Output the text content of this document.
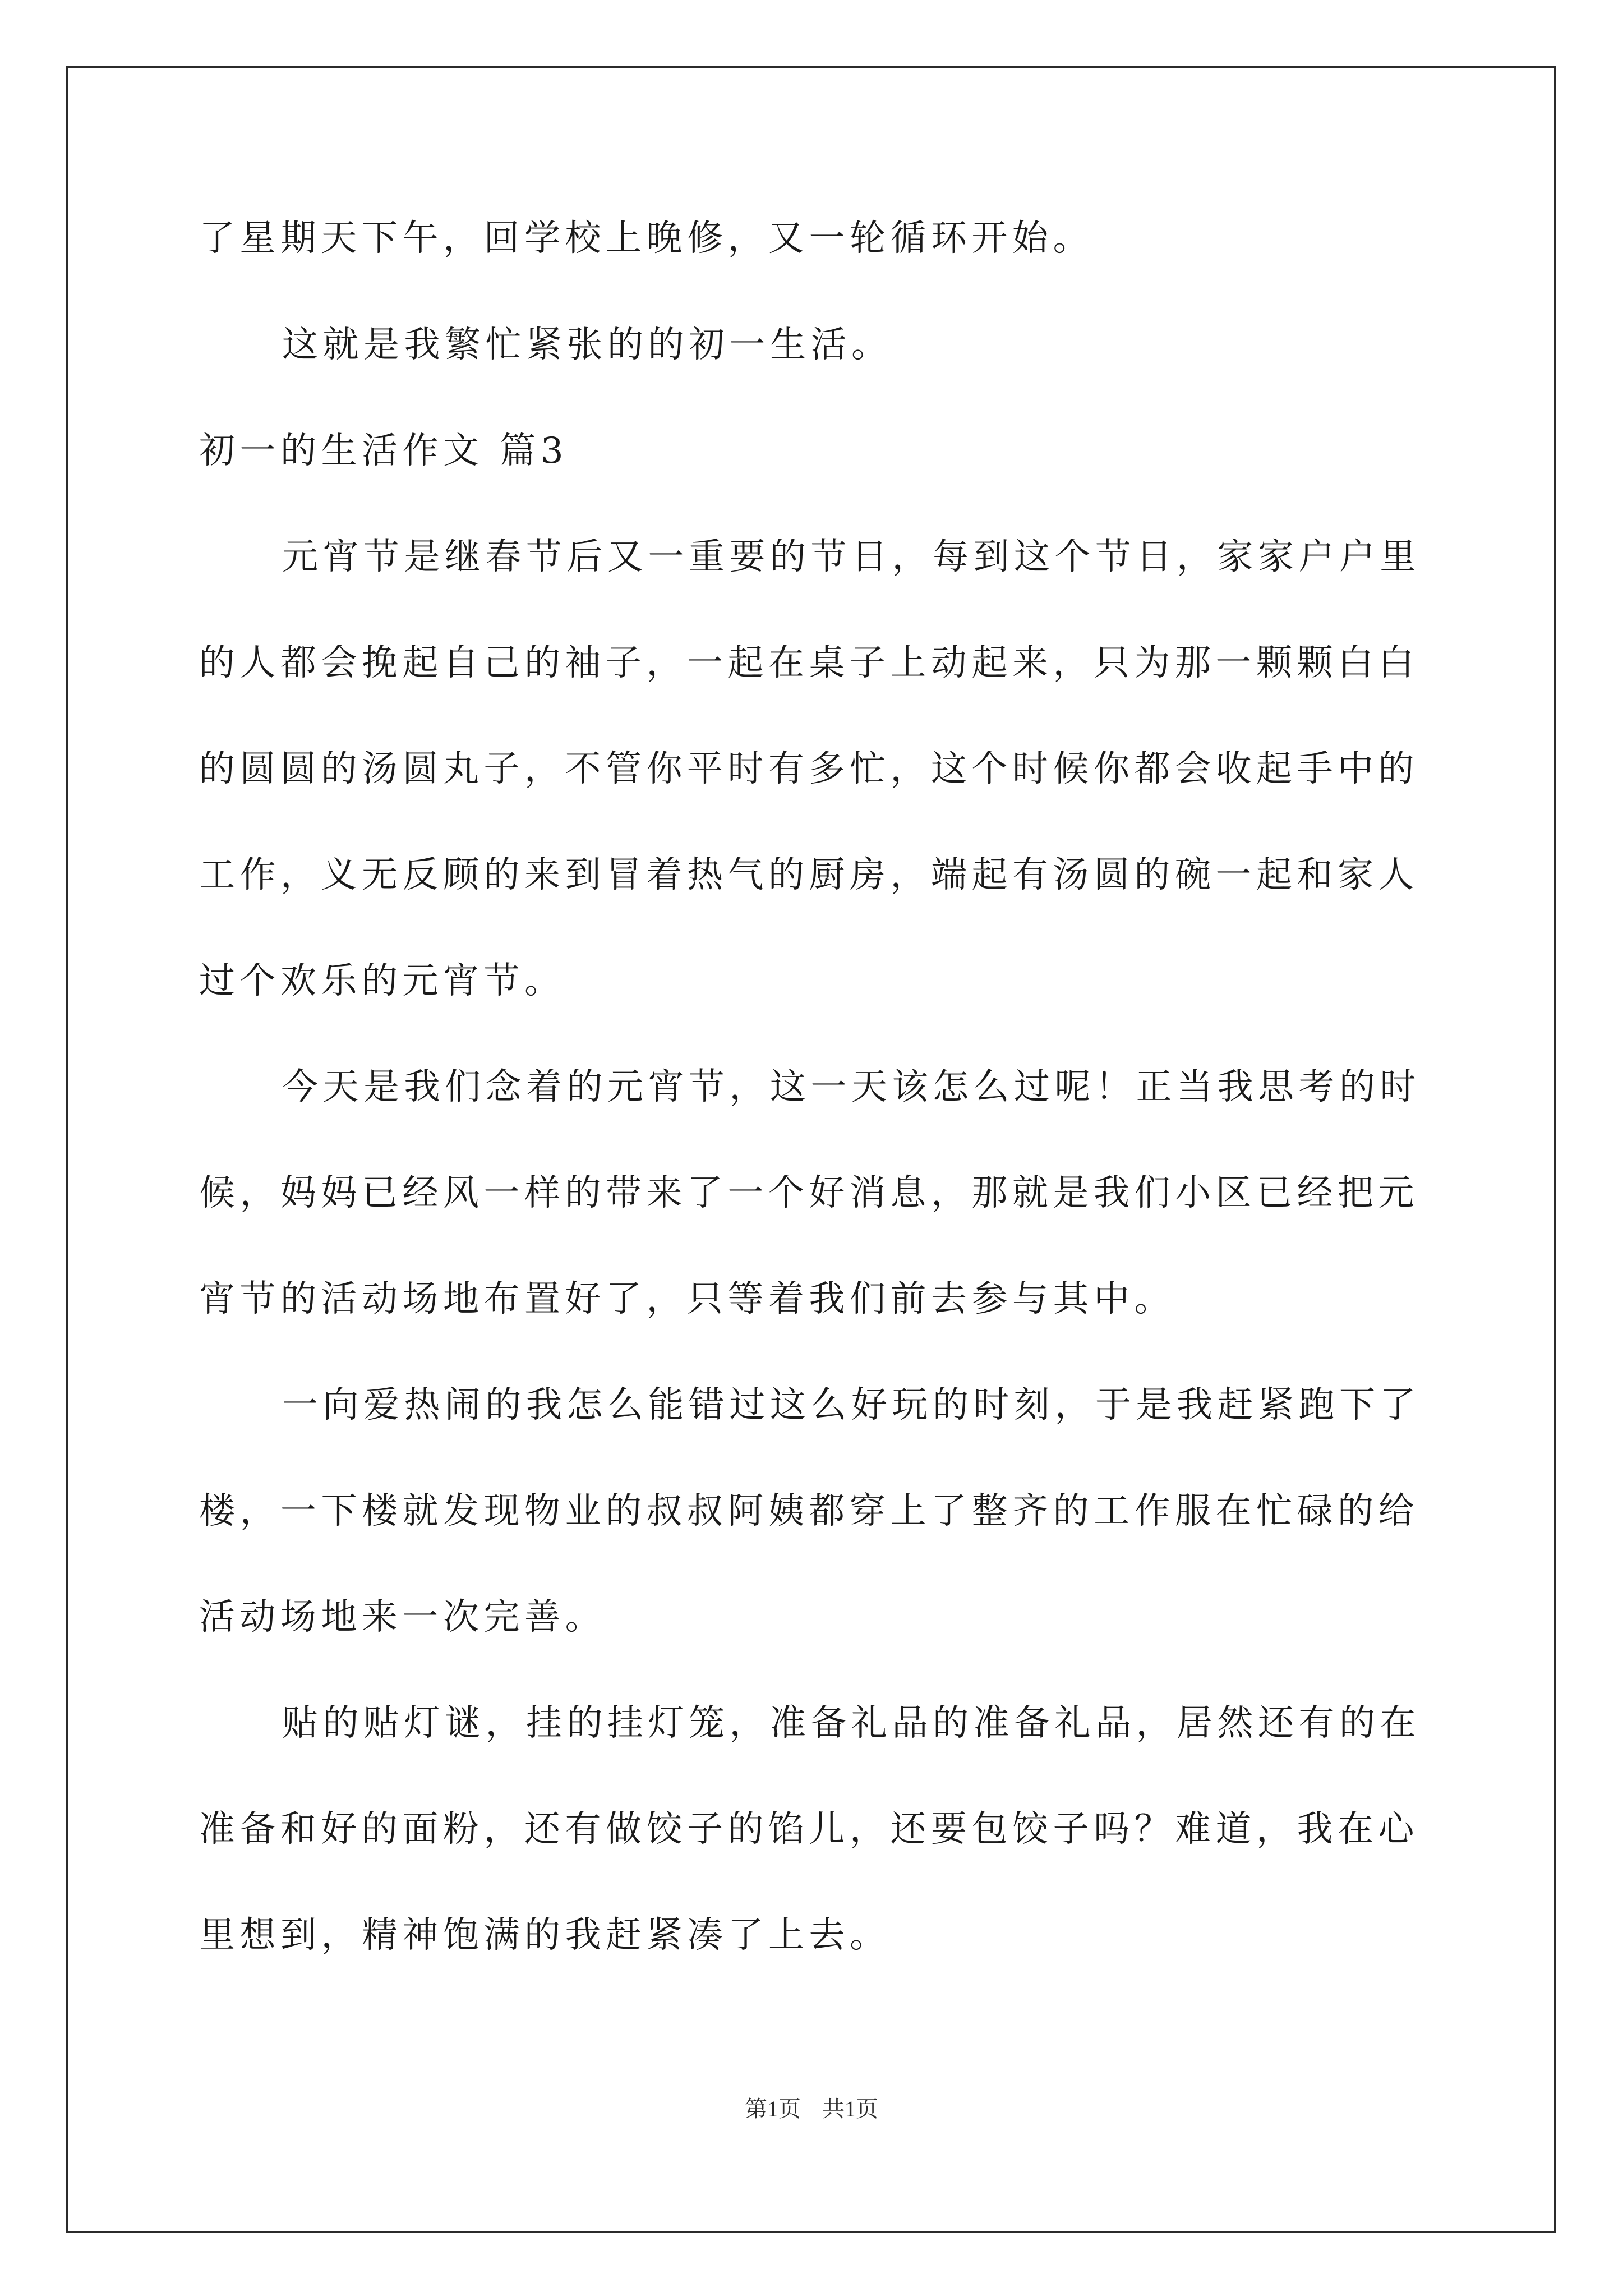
了星期天下午，回学校上晚修，又一轮循环开始。
这就是我繁忙紧张的的初一生活。
初一的生活作文 篇3
元宵节是继春节后又一重要的节日，每到这个节日，家家户户里
的人都会挽起自己的袖子，一起在桌子上动起来，只为那一颗颗白白
的圆圆的汤圆丸子，不管你平时有多忙，这个时候你都会收起手中的
工作，义无反顾的来到冒着热气的厨房，端起有汤圆的碗一起和家人
过个欢乐的元宵节。
今天是我们念着的元宵节，这一天该怎么过呢！正当我思考的时
候，妈妈已经风一样的带来了一个好消息，那就是我们小区已经把元
宵节的活动场地布置好了，只等着我们前去参与其中。
一向爱热闹的我怎么能错过这么好玩的时刻，于是我赶紧跑下了
楼，一下楼就发现物业的叔叔阿姨都穿上了整齐的工作服在忙碌的给
活动场地来一次完善。
贴的贴灯谜，挂的挂灯笼，准备礼品的准备礼品，居然还有的在
准备和好的面粉，还有做饺子的馅儿，还要包饺子吗？难道，我在心
里想到，精神饱满的我赶紧凑了上去。
第1页 共1页
